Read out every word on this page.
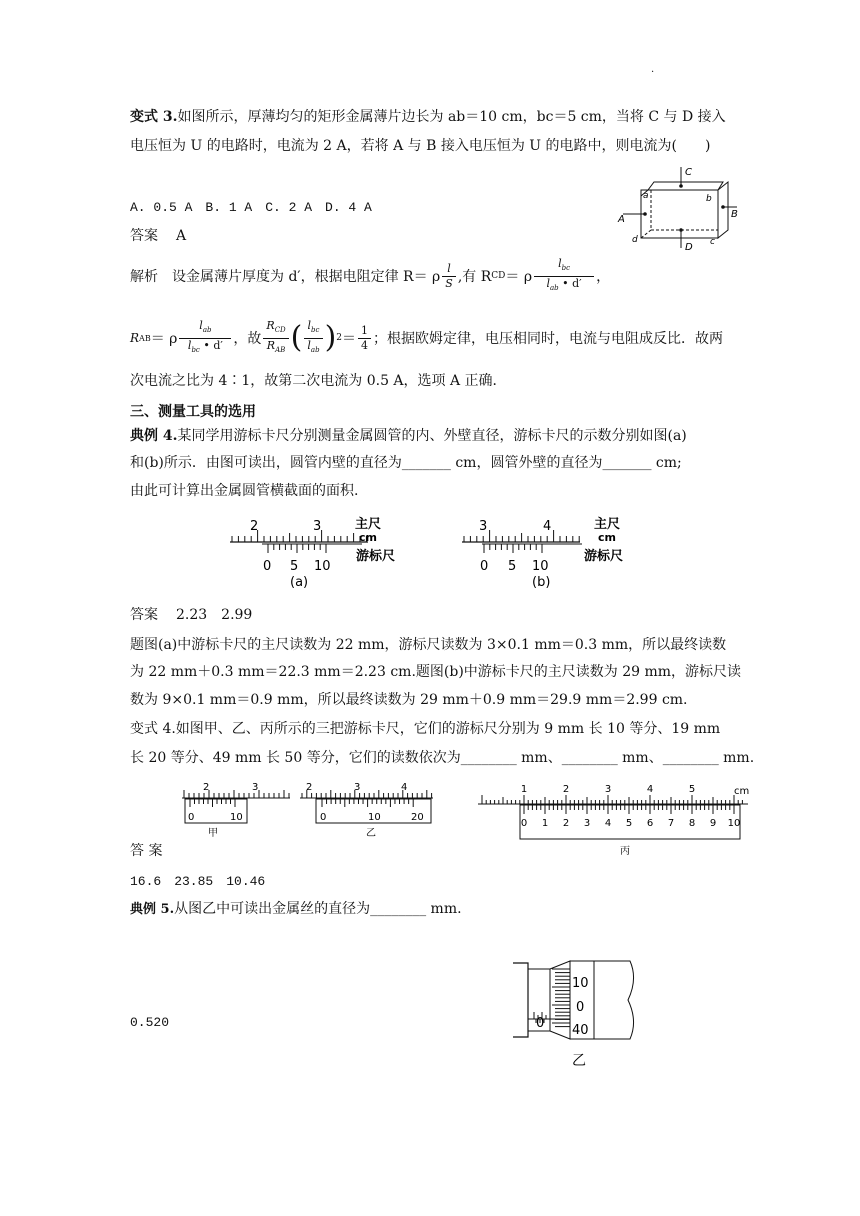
.
变式 3.如图所示，厚薄均匀的矩形金属薄片边长为 ab＝10 cm，bc＝5 cm，当将 C 与 D 接入
电压恒为 U 的电路时，电流为 2 A，若将 A 与 B 接入电压恒为 U 的电路中，则电流为(　　)
A. 0.5 A　B. 1 A　C. 2 A　D. 4 A
答案 A
C
D
A	B
a	b
c
d
解析 设金属薄片厚度为 d′，根据电阻定律 R＝ ρ $\frac{l}{S}$ ,有 R CD ＝ ρ $\frac{l_{bc}}{l_{ab} • d'}$ ，
R AB ＝ ρ $\frac{l_{ab}}{l_{bc} • d'}$ ，故 $\frac{R_{CD}}{R_{AB}}$ ( $\frac{l_{bc}}{l_{ab}}$ ) $2 = \frac{1}{4}$ ；根据欧姆定律，电压相同时，电流与电阻成反比．故两
次电流之比为 4∶1，故第二次电流为 0.5 A，选项 A 正确．
三、测量工具的选用
典例 4.某同学用游标卡尺分别测量金属圆管的内、外壁直径，游标卡尺的示数分别如图(a)
和(b)所示．由图可读出，圆管内壁的直径为_______ cm，圆管外壁的直径为_______ cm;
由此可计算出金属圆管横截面的面积.
2	3	主尺
cm
游标尺
0 5 10
(a)
3	4	主尺
cm
游标尺
0 5 10
(b)
答案 2.23　2.99
题图(a)中游标卡尺的主尺读数为 22 mm，游标尺读数为 3×0.1 mm＝0.3 mm，所以最终读数
为 22 mm＋0.3 mm＝22.3 mm＝2.23 cm.题图(b)中游标卡尺的主尺读数为 29 mm，游标尺读
数为 9×0.1 mm＝0.9 mm，所以最终读数为 29 mm＋0.9 mm＝29.9 mm＝2.99 cm.
变式 4.如图甲、乙、丙所示的三把游标卡尺，它们的游标尺分别为 9 mm 长 10 等分、19 mm
长 20 等分、49 mm 长 50 等分，它们的读数依次为________ mm、________ mm、________ mm.
2	3
0	10
甲
2	3	4
0	10	20
乙
1	2	3	4	5	cm
0 1 2 3 4 5 6 7 8 9 10
丙
答 案
16.6　23.85　10.46
典例 5.从图乙中可读出金属丝的直径为________ mm.
0.520	0
10
0
40
乙
